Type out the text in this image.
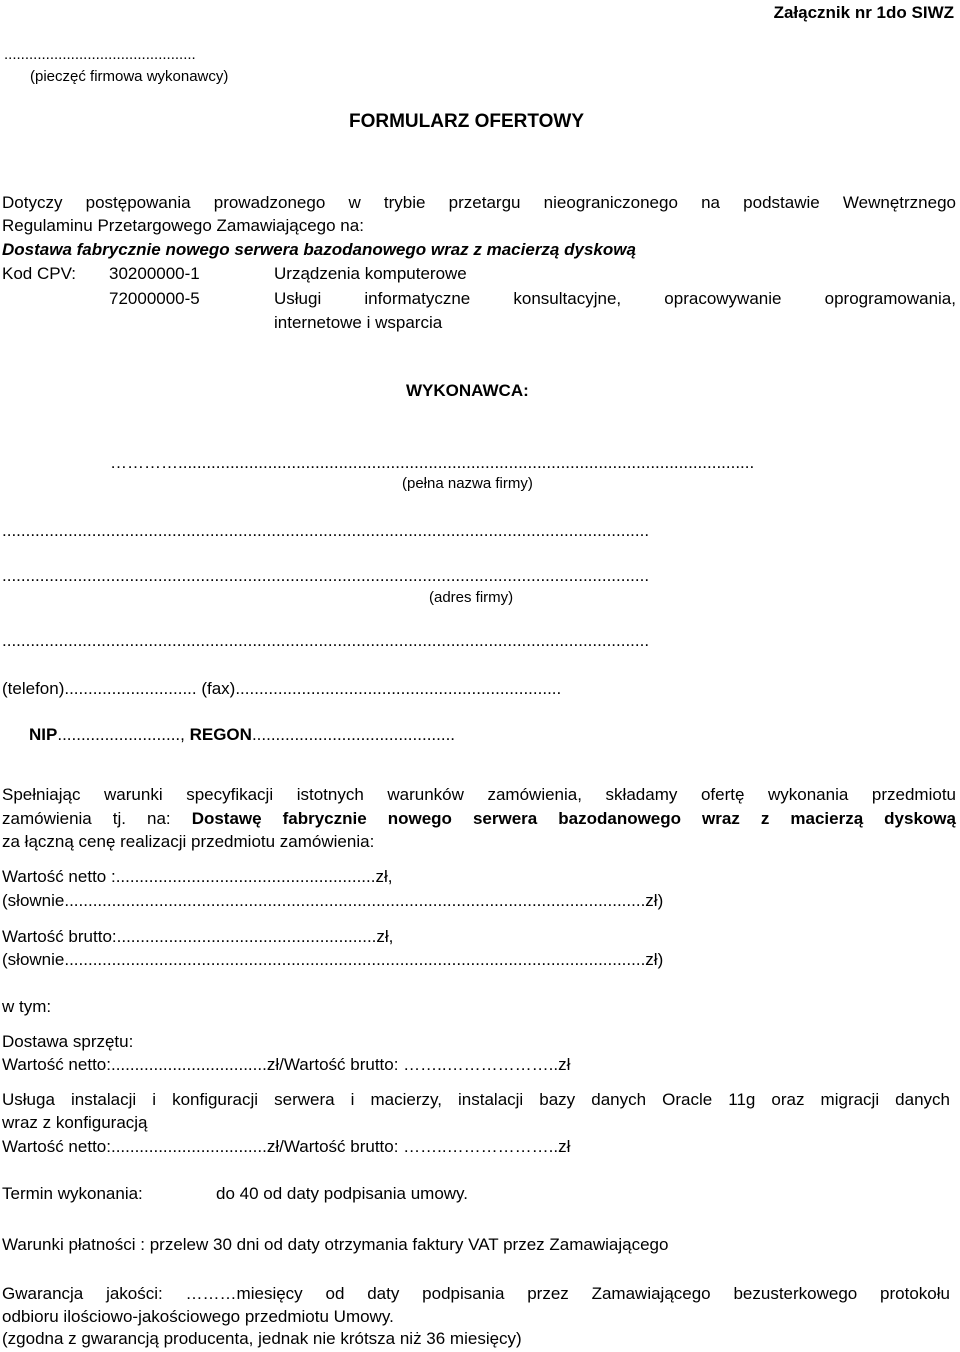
Załącznik nr 1do SIWZ
..............................................
(pieczęć firmowa wykonawcy)
FORMULARZ OFERTOWY
Dotyczy postępowania prowadzonego w trybie przetargu nieograniczonego na podstawie Wewnętrznego
Regulaminu Przetargowego Zamawiającego na:
Dostawa fabrycznie nowego serwera bazodanowego wraz z macierzą dyskową
Kod CPV: 30200000-1	Urządzenia komputerowe
72000000-5	Usługi informatyczne konsultacyjne, opracowywanie oprogramowania,
internetowe i wsparcia
WYKONAWCA:
…………..........................................................................................................................
(pełna nazwa firmy)
.........................................................................................................................................
.........................................................................................................................................
(adres firmy)
.........................................................................................................................................
(telefon)............................ (fax).....................................................................
NIP.........................., REGON...........................................
Spełniając warunki specyfikacji istotnych warunków zamówienia, składamy ofertę wykonania przedmiotu
zamówienia tj. na: Dostawę fabrycznie nowego serwera bazodanowego wraz z macierzą dyskową
za łączną cenę realizacji przedmiotu zamówienia:
Wartość netto :.......................................................zł,
(słownie...........................................................................................................................zł)
Wartość brutto:.......................................................zł,
(słownie...........................................................................................................................zł)
w tym:
Dostawa sprzętu:
Wartość netto:.................................zł/Wartość brutto: ……..………………..zł
Usługa instalacji i konfiguracji serwera i macierzy, instalacji bazy danych Oracle 11g oraz migracji danych
wraz z konfiguracją
Wartość netto:.................................zł/Wartość brutto: ……..………………..zł
Termin wykonania:	do 40 od daty podpisania umowy.
Warunki płatności : przelew 30 dni od daty otrzymania faktury VAT przez Zamawiającego
Gwarancja jakości: ………miesięcy od daty podpisania przez Zamawiającego bezusterkowego protokołu
odbioru ilościowo-jakościowego przedmiotu Umowy.
(zgodna z gwarancją producenta, jednak nie krótsza niż 36 miesięcy)
